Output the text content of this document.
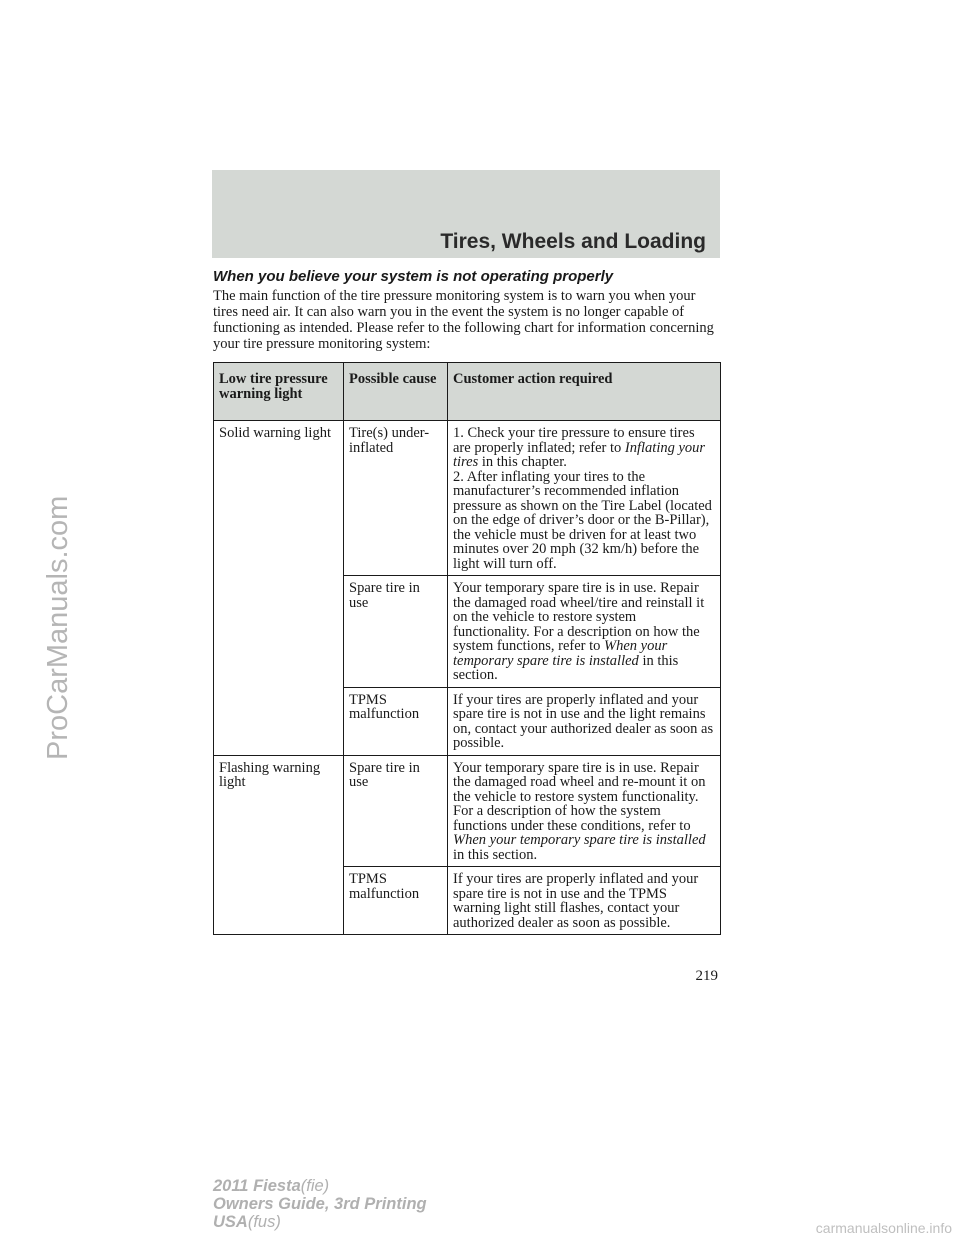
ProCarManuals.com
Tires, Wheels and Loading
When you believe your system is not operating properly

The main function of the tire pressure monitoring system is to warn you when your tires need air. It can also warn you in the event the system is no longer capable of functioning as intended. Please refer to the following chart for information concerning your tire pressure monitoring system:

Low tire pressure warning light	Possible cause	Customer action required
Solid warning light	Tire(s) under-inflated	1. Check your tire pressure to ensure tires are properly inflated; refer to Inflating your tires in this chapter.
2. After inflating your tires to the manufacturer’s recommended inflation pressure as shown on the Tire Label (located on the edge of driver’s door or the B-Pillar), the vehicle must be driven for at least two minutes over 20 mph (32 km/h) before the light will turn off.
	Spare tire in use	Your temporary spare tire is in use. Repair the damaged road wheel/tire and reinstall it on the vehicle to restore system functionality. For a description on how the system functions, refer to When your temporary spare tire is installed in this section.
	TPMS malfunction	If your tires are properly inflated and your spare tire is not in use and the light remains on, contact your authorized dealer as soon as possible.
Flashing warning light	Spare tire in use	Your temporary spare tire is in use. Repair the damaged road wheel and re-mount it on the vehicle to restore system functionality. For a description of how the system functions under these conditions, refer to When your temporary spare tire is installed in this section.
	TPMS malfunction	If your tires are properly inflated and your spare tire is not in use and the TPMS warning light still flashes, contact your authorized dealer as soon as possible.
219
2011 Fiesta(fie)
Owners Guide, 3rd Printing
USA(fus)	carmanualsonline.info
